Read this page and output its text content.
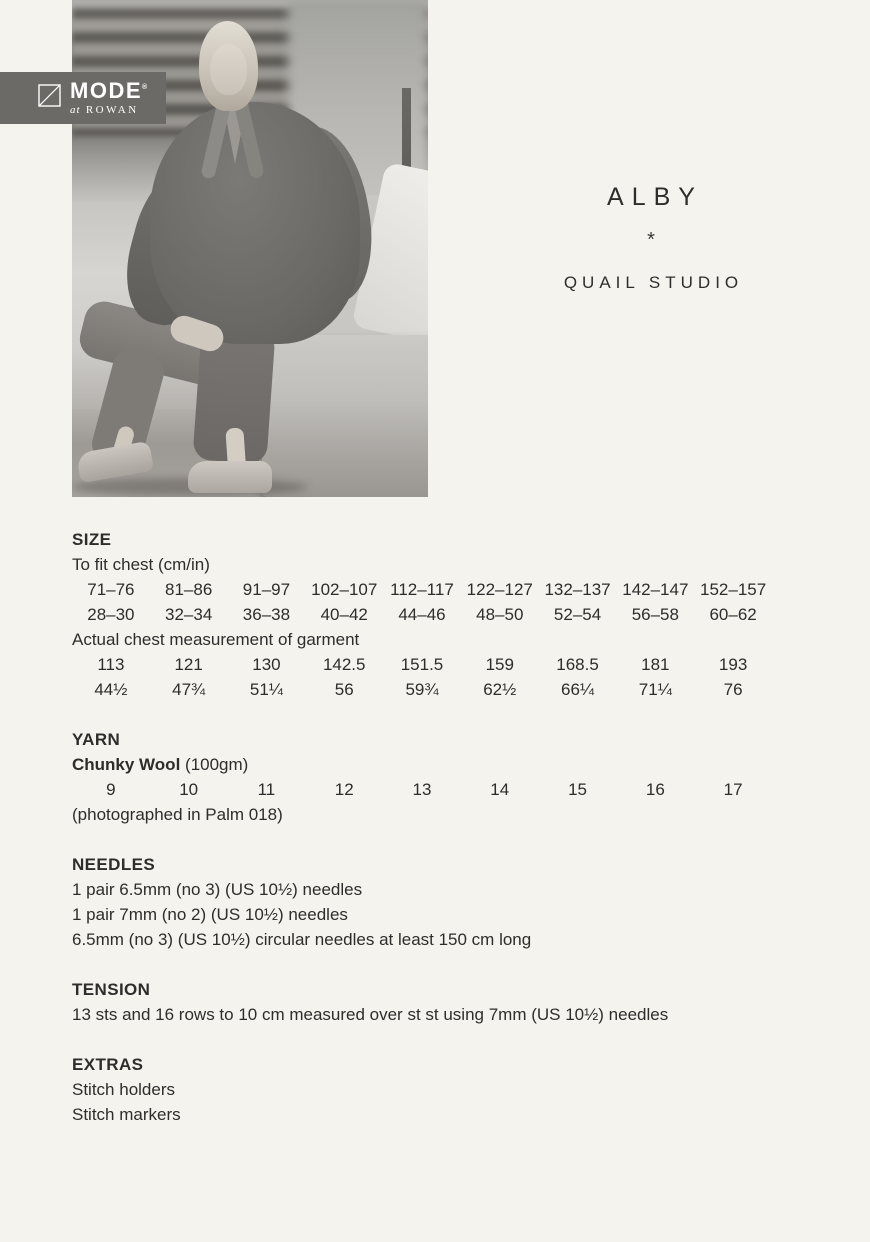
MODE®
at ROWAN
ALBY
*
QUAIL STUDIO
SIZE
To fit chest (cm/in)
71–76	81–86	91–97	102–107 112–117 122–127 132–137 142–147 152–157
28–30	32–34	36–38	40–42	44–46	48–50	52–54	56–58	60–62
Actual chest measurement of garment
113	121	130	142.5	151.5	159	168.5	181	193
44½	47¾	51¼	56	59¾	62½	66¼	71¼	76
YARN
Chunky Wool (100gm)
9	10	11	12	13	14	15	16	17
(photographed in Palm 018)
NEEDLES
1 pair 6.5mm (no 3) (US 10½) needles
1 pair 7mm (no 2) (US 10½) needles
6.5mm (no 3) (US 10½) circular needles at least 150 cm long
TENSION
13 sts and 16 rows to 10 cm measured over st st using 7mm (US 10½) needles
EXTRAS
Stitch holders
Stitch markers
